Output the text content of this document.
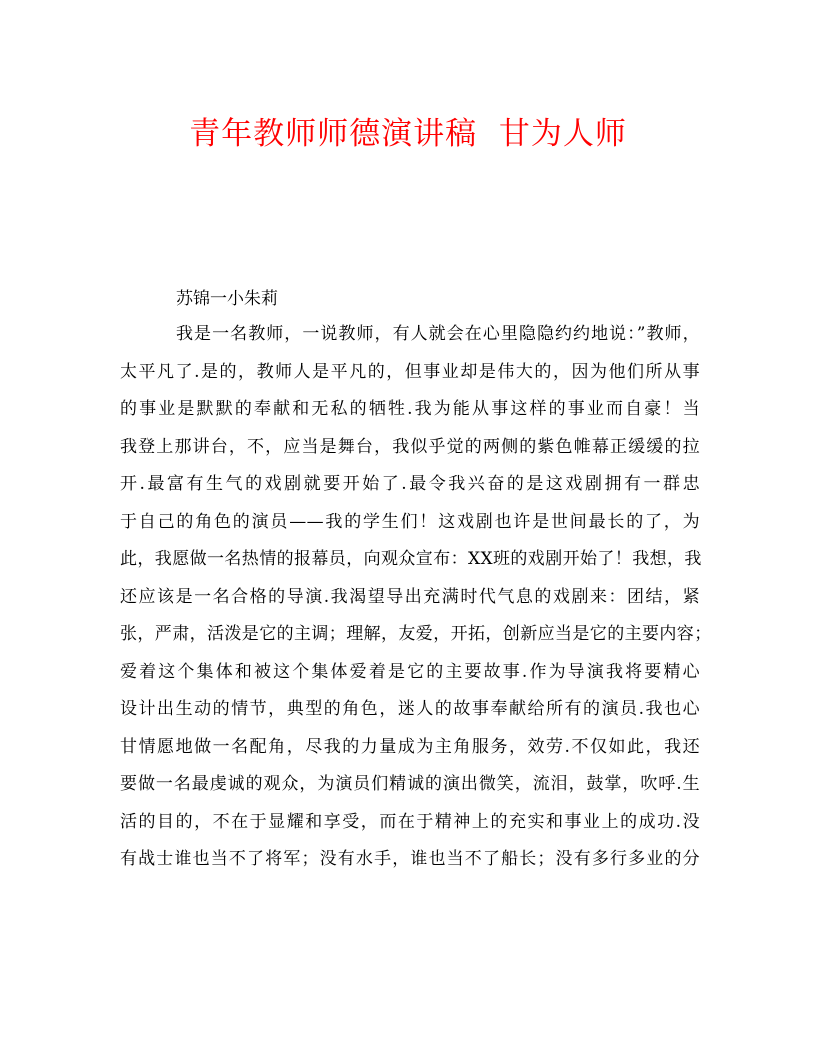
青年教师师德演讲稿  甘为人师

苏锦一小朱莉

我是一名教师，一说教师，有人就会在心里隐隐约约地说：”教师，

太平凡了.是的，教师人是平凡的，但事业却是伟大的，因为他们所从事

的事业是默默的奉献和无私的牺牲.我为能从事这样的事业而自豪！当

我登上那讲台，不，应当是舞台，我似乎觉的两侧的紫色帷幕正缓缓的拉

开.最富有生气的戏剧就要开始了.最令我兴奋的是这戏剧拥有一群忠

于自己的角色的演员——我的学生们！这戏剧也许是世间最长的了，为

此，我愿做一名热情的报幕员，向观众宣布：XX班的戏剧开始了！我想，我

还应该是一名合格的导演.我渴望导出充满时代气息的戏剧来：团结，紧

张，严肃，活泼是它的主调；理解，友爱，开拓，创新应当是它的主要内容；

爱着这个集体和被这个集体爱着是它的主要故事.作为导演我将要精心

设计出生动的情节，典型的角色，迷人的故事奉献给所有的演员.我也心

甘情愿地做一名配角，尽我的力量成为主角服务，效劳.不仅如此，我还

要做一名最虔诚的观众，为演员们精诚的演出微笑，流泪，鼓掌，吹呼.生

活的目的，不在于显耀和享受，而在于精神上的充实和事业上的成功.没

有战士谁也当不了将军；没有水手，谁也当不了船长；没有多行多业的分
